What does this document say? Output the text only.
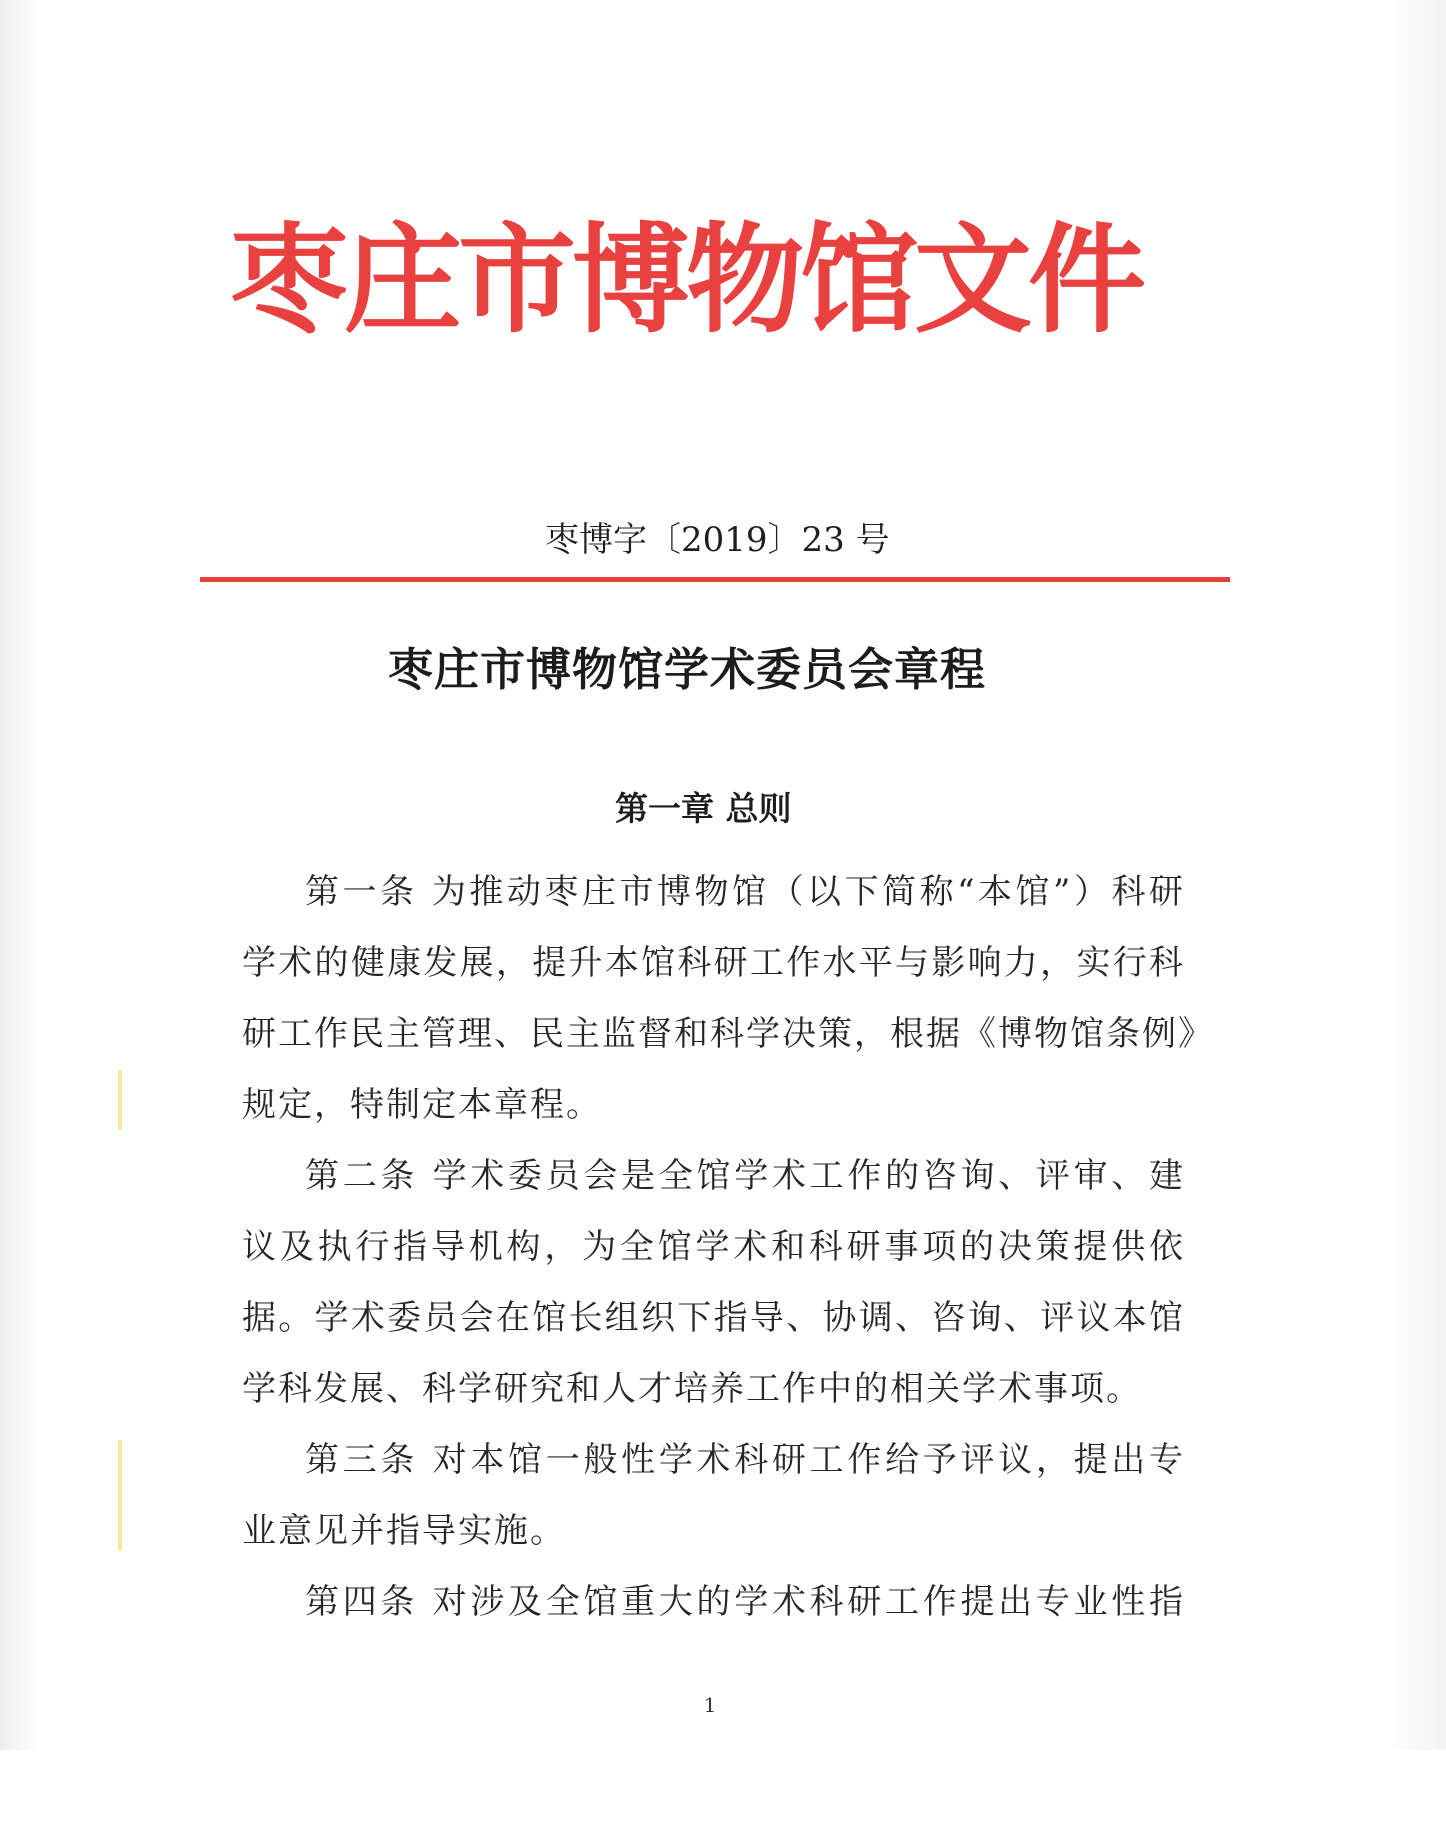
枣庄市博物馆文件
枣博字〔2019〕23 号
枣庄市博物馆学术委员会章程
第一章 总则
第一条 为推动枣庄市博物馆（以下简称“本馆”）科研
学术的健康发展，提升本馆科研工作水平与影响力，实行科
研工作民主管理、民主监督和科学决策，根据《博物馆条例》
规定，特制定本章程。
第二条 学术委员会是全馆学术工作的咨询、评审、建
议及执行指导机构，为全馆学术和科研事项的决策提供依
据。学术委员会在馆长组织下指导、协调、咨询、评议本馆
学科发展、科学研究和人才培养工作中的相关学术事项。
第三条 对本馆一般性学术科研工作给予评议，提出专
业意见并指导实施。
第四条 对涉及全馆重大的学术科研工作提出专业性指
1
